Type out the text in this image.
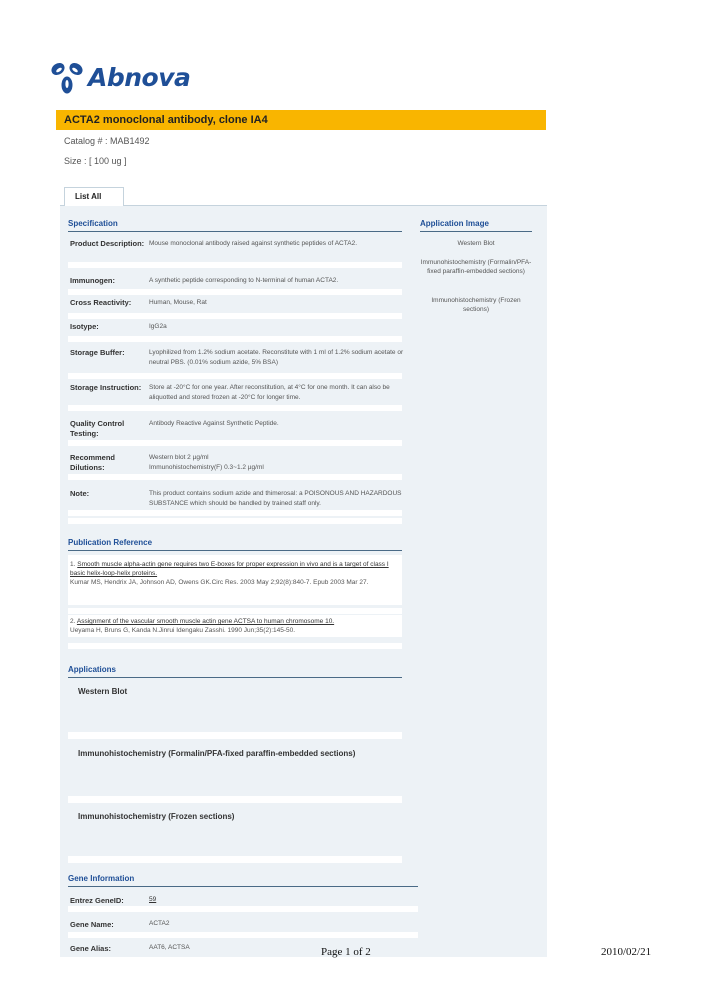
Abnova
ACTA2 monoclonal antibody, clone IA4
Catalog # : MAB1492
Size : [ 100 ug ]
List All
Specification
Product Description: Mouse monoclonal antibody raised against synthetic peptides of ACTA2.
Immunogen:	A synthetic peptide corresponding to N-terminal of human ACTA2.
Cross Reactivity:	Human, Mouse, Rat
Isotype:	IgG2a
Storage Buffer:	Lyophilized from 1.2% sodium acetate. Reconstitute with 1 ml of 1.2% sodium acetate or neutral PBS. (0.01% sodium azide, 5% BSA)
Storage Instruction:	Store at -20°C for one year. After reconstitution, at 4°C for one month. It can also be aliquotted and stored frozen at -20°C for longer time.
Quality Control Testing:
Antibody Reactive Against Synthetic Peptide.
Recommend Dilutions:
Western blot 2 µg/ml
Immunohistochemistry(F) 0.3~1.2 µg/ml
Note:	This product contains sodium azide and thimerosal: a POISONOUS AND HAZARDOUS SUBSTANCE which should be handled by trained staff only.
Application Image
Western Blot
Immunohistochemistry (Formalin/PFA-fixed paraffin-embedded sections)
Immunohistochemistry (Frozen sections)
Publication Reference
1. Smooth muscle alpha-actin gene requires two E-boxes for proper expression in vivo and is a target of class I basic helix-loop-helix proteins.
Kumar MS, Hendrix JA, Johnson AD, Owens GK.Circ Res. 2003 May 2;92(8):840-7. Epub 2003 Mar 27.
2. Assignment of the vascular smooth muscle actin gene ACTSA to human chromosome 10.
Ueyama H, Bruns G, Kanda N.Jinrui Idengaku Zasshi. 1990 Jun;35(2):145-50.
Applications
Western Blot
Immunohistochemistry (Formalin/PFA-fixed paraffin-embedded sections)
Immunohistochemistry (Frozen sections)
Gene Information
Entrez GeneID:	59
Gene Name:	ACTA2
Gene Alias:	AAT6, ACTSA	Page 1 of 2	2010/02/21
